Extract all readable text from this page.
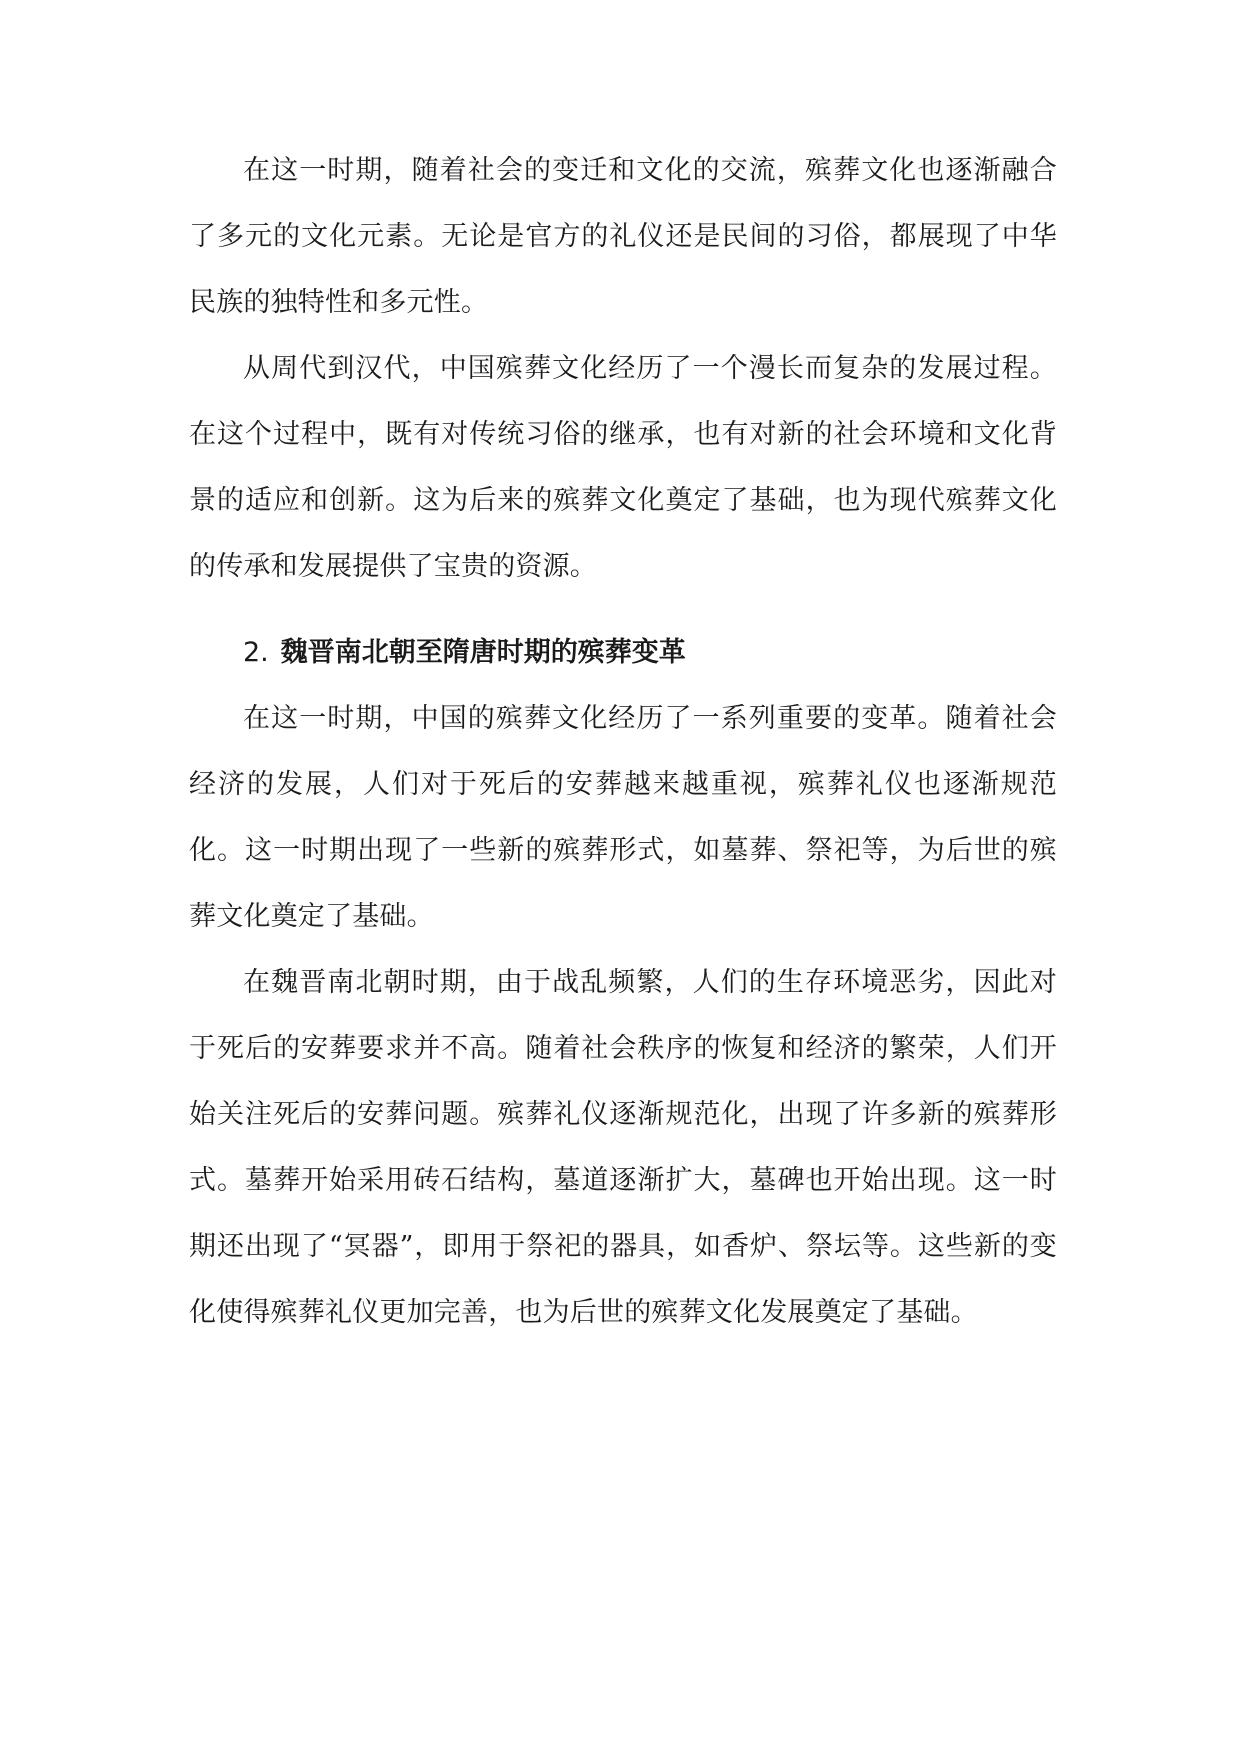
在这一时期，随着社会的变迁和文化的交流，殡葬文化也逐渐融合了多元的文化元素。无论是官方的礼仪还是民间的习俗，都展现了中华民族的独特性和多元性。

从周代到汉代，中国殡葬文化经历了一个漫长而复杂的发展过程。在这个过程中，既有对传统习俗的继承，也有对新的社会环境和文化背景的适应和创新。这为后来的殡葬文化奠定了基础，也为现代殡葬文化的传承和发展提供了宝贵的资源。

2. 魏晋南北朝至隋唐时期的殡葬变革

在这一时期，中国的殡葬文化经历了一系列重要的变革。随着社会经济的发展，人们对于死后的安葬越来越重视，殡葬礼仪也逐渐规范化。这一时期出现了一些新的殡葬形式，如墓葬、祭祀等，为后世的殡葬文化奠定了基础。

在魏晋南北朝时期，由于战乱频繁，人们的生存环境恶劣，因此对于死后的安葬要求并不高。随着社会秩序的恢复和经济的繁荣，人们开始关注死后的安葬问题。殡葬礼仪逐渐规范化，出现了许多新的殡葬形式。墓葬开始采用砖石结构，墓道逐渐扩大，墓碑也开始出现。这一时期还出现了“冥器”，即用于祭祀的器具，如香炉、祭坛等。这些新的变化使得殡葬礼仪更加完善，也为后世的殡葬文化发展奠定了基础。
